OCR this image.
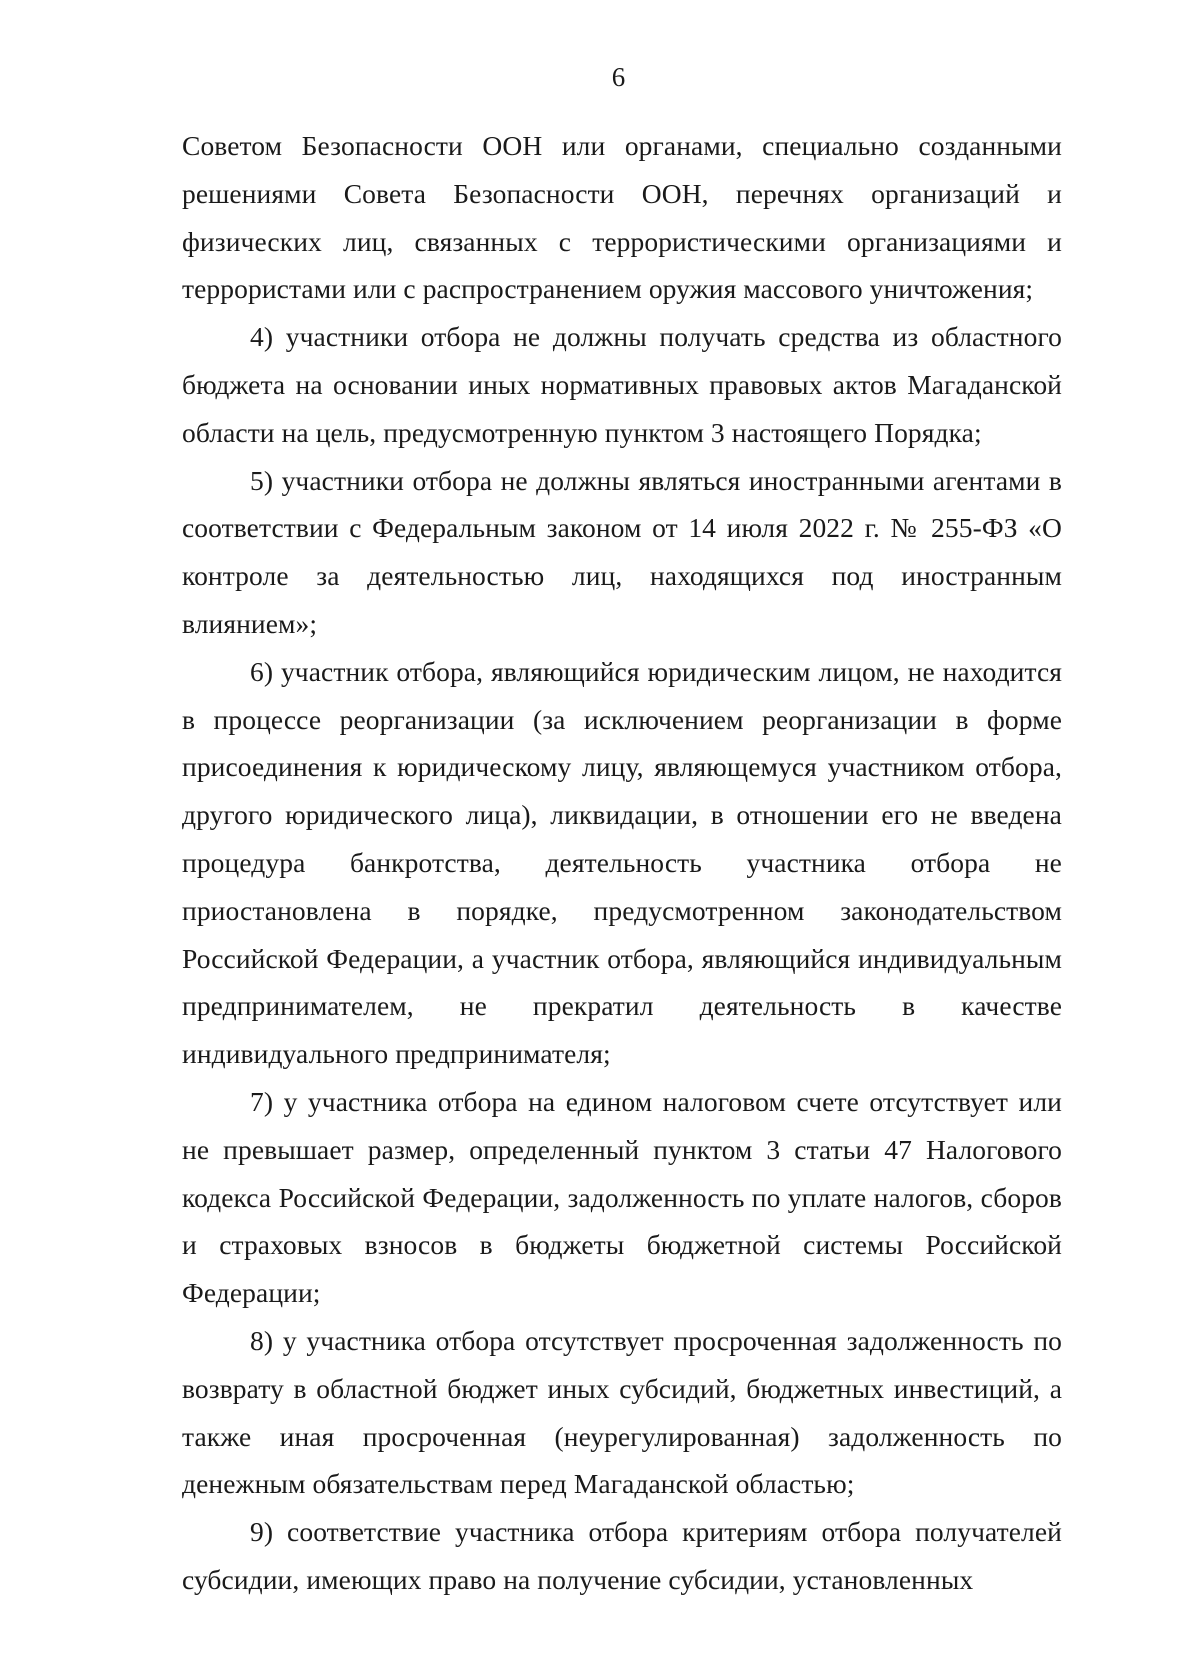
6

Советом Безопасности ООН или органами, специально созданными решениями Совета Безопасности ООН, перечнях организаций и физических лиц, связанных с террористическими организациями и террористами или с распространением оружия массового уничтожения;

4) участники отбора не должны получать средства из областного бюджета на основании иных нормативных правовых актов Магаданской области на цель, предусмотренную пунктом 3 настоящего Порядка;

5) участники отбора не должны являться иностранными агентами в соответствии с Федеральным законом от 14 июля 2022 г. № 255-ФЗ «О контроле за деятельностью лиц, находящихся под иностранным влиянием»;

6) участник отбора, являющийся юридическим лицом, не находится в процессе реорганизации (за исключением реорганизации в форме присоединения к юридическому лицу, являющемуся участником отбора, другого юридического лица), ликвидации, в отношении его не введена процедура банкротства, деятельность участника отбора не приостановлена в порядке, предусмотренном законодательством Российской Федерации, а участник отбора, являющийся индивидуальным предпринимателем, не прекратил деятельность в качестве индивидуального предпринимателя;

7) у участника отбора на едином налоговом счете отсутствует или не превышает размер, определенный пунктом 3 статьи 47 Налогового кодекса Российской Федерации, задолженность по уплате налогов, сборов и страховых взносов в бюджеты бюджетной системы Российской Федерации;

8) у участника отбора отсутствует просроченная задолженность по возврату в областной бюджет иных субсидий, бюджетных инвестиций, а также иная просроченная (неурегулированная) задолженность по денежным обязательствам перед Магаданской областью;

9) соответствие участника отбора критериям отбора получателей субсидии, имеющих право на получение субсидии, установленных
